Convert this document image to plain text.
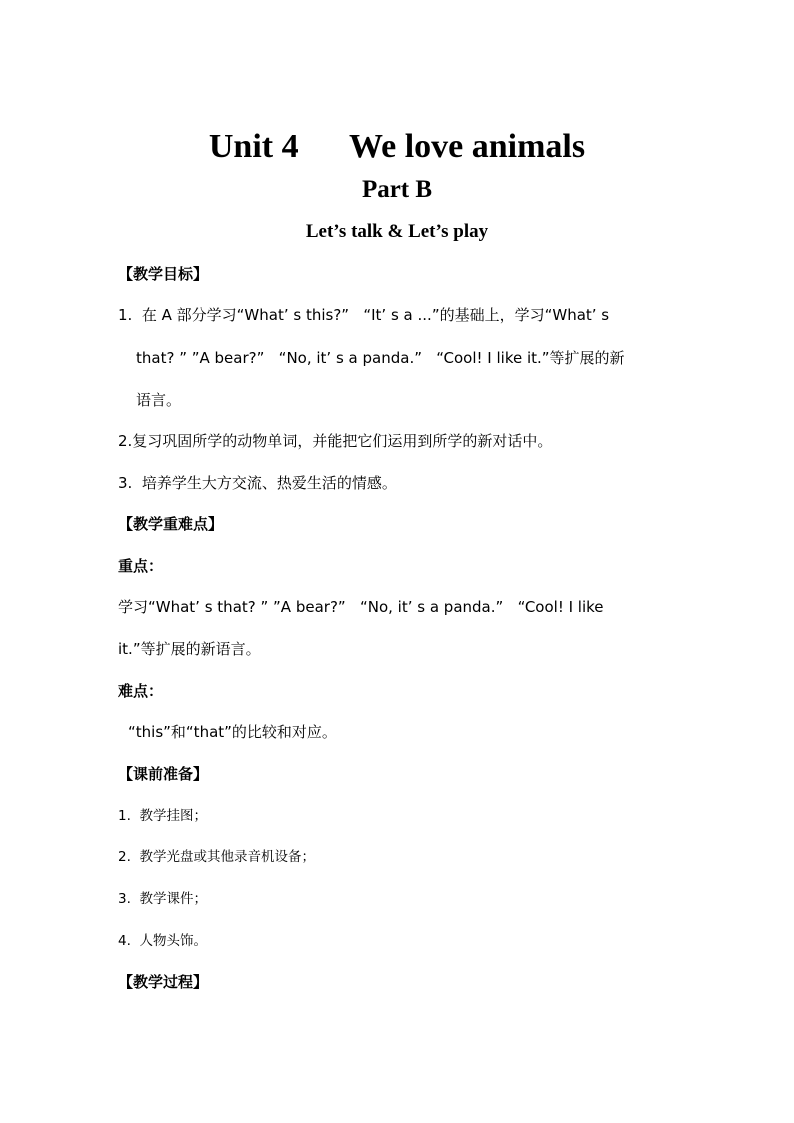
Unit 4      We love animals
Part B
Let’s talk & Let’s play
【教学目标】
1.  在 A 部分学习“What’ s this?”   “It’ s a ...”的基础上，学习“What’ s
that? ” ”A bear?”   “No, it’ s a panda.”   “Cool! I like it.”等扩展的新
语言。
2.复习巩固所学的动物单词，并能把它们运用到所学的新对话中。
3.  培养学生大方交流、热爱生活的情感。
【教学重难点】
重点：
学习“What’ s that? ” ”A bear?”   “No, it’ s a panda.”   “Cool! I like
it.”等扩展的新语言。
难点：
“this”和“that”的比较和对应。
【课前准备】
1.  教学挂图；
2.  教学光盘或其他录音机设备；
3.  教学课件；
4.  人物头饰。
【教学过程】
